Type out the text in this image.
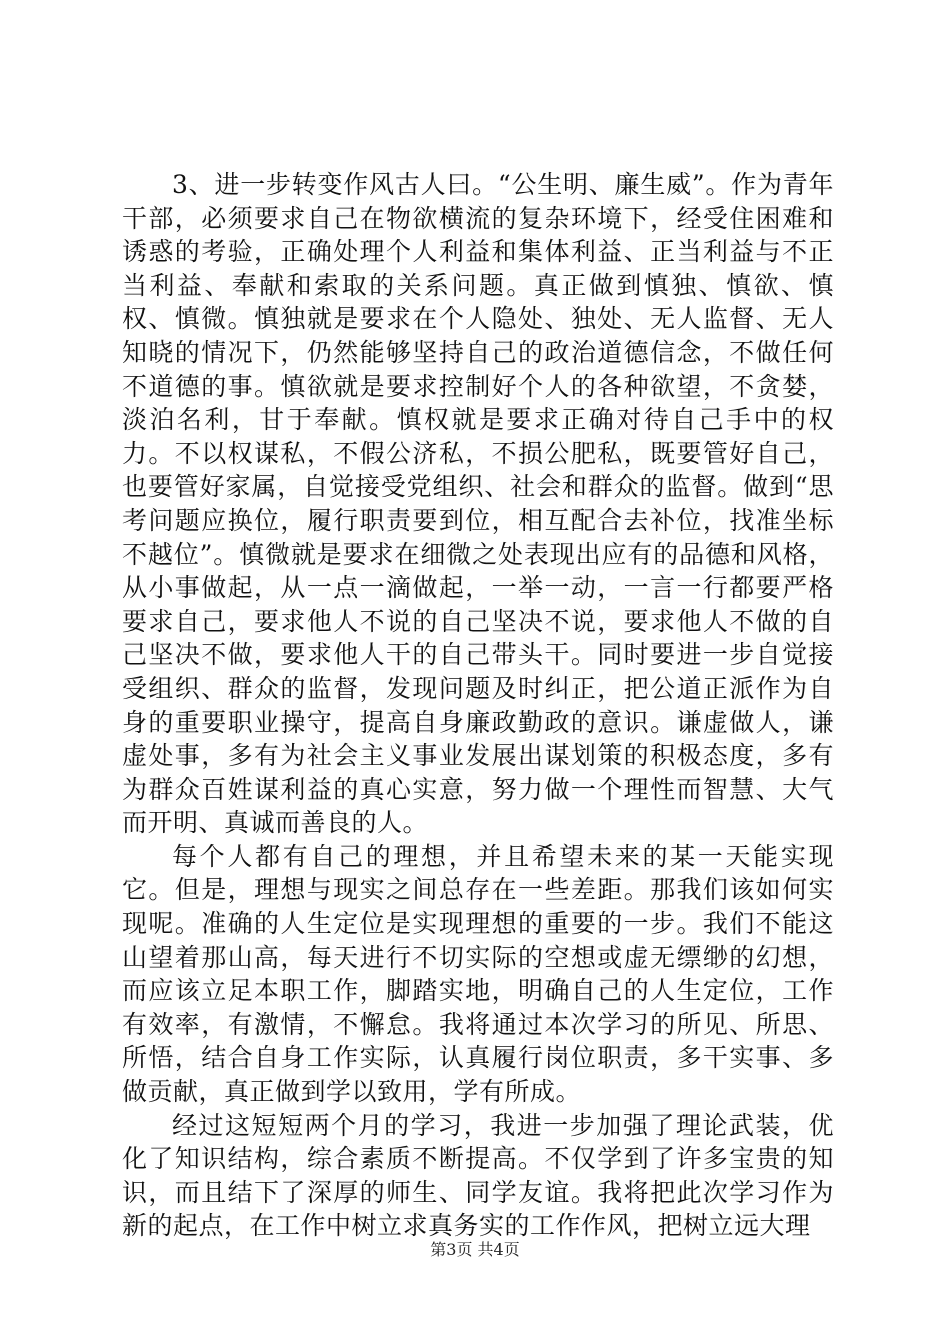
3、进一步转变作风古人曰。“公生明、廉生威”。作为青年干部，必须要求自己在物欲横流的复杂环境下，经受住困难和诱惑的考验，正确处理个人利益和集体利益、正当利益与不正当利益、奉献和索取的关系问题。真正做到慎独、慎欲、慎权、慎微。慎独就是要求在个人隐处、独处、无人监督、无人知晓的情况下，仍然能够坚持自己的政治道德信念，不做任何不道德的事。慎欲就是要求控制好个人的各种欲望，不贪婪，淡泊名利，甘于奉献。慎权就是要求正确对待自己手中的权力。不以权谋私，不假公济私，不损公肥私，既要管好自己，也要管好家属，自觉接受党组织、社会和群众的监督。做到“思考问题应换位，履行职责要到位，相互配合去补位，找准坐标不越位”。慎微就是要求在细微之处表现出应有的品德和风格，从小事做起，从一点一滴做起，一举一动，一言一行都要严格要求自己，要求他人不说的自己坚决不说，要求他人不做的自己坚决不做，要求他人干的自己带头干。同时要进一步自觉接受组织、群众的监督，发现问题及时纠正，把公道正派作为自身的重要职业操守，提高自身廉政勤政的意识。谦虚做人，谦虚处事，多有为社会主义事业发展出谋划策的积极态度，多有为群众百姓谋利益的真心实意，努力做一个理性而智慧、大气而开明、真诚而善良的人。

每个人都有自己的理想，并且希望未来的某一天能实现它。但是，理想与现实之间总存在一些差距。那我们该如何实现呢。准确的人生定位是实现理想的重要的一步。我们不能这山望着那山高，每天进行不切实际的空想或虚无缥缈的幻想，而应该立足本职工作，脚踏实地，明确自己的人生定位，工作有效率，有激情，不懈怠。我将通过本次学习的所见、所思、所悟，结合自身工作实际，认真履行岗位职责，多干实事、多做贡献，真正做到学以致用，学有所成。

经过这短短两个月的学习，我进一步加强了理论武装，优化了知识结构，综合素质不断提高。不仅学到了许多宝贵的知识，而且结下了深厚的师生、同学友谊。我将把此次学习作为新的起点，在工作中树立求真务实的工作作风，把树立远大理

第3页 共4页
